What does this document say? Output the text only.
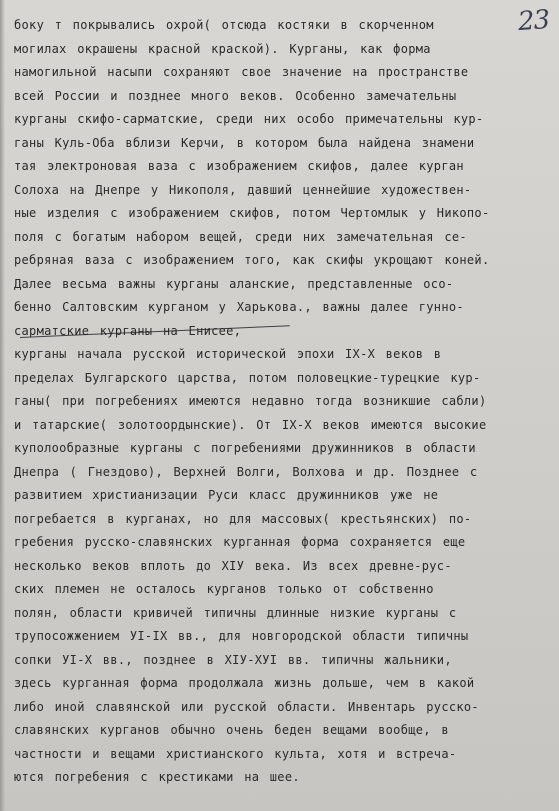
23
боку т покрывались охрой( отсюда костяки в скорченном
могилах окрашены красной краской). Курганы, как форма
намогильной насыпи сохраняют свое значение на пространстве
всей России и позднее много веков. Особенно замечательны
курганы скифо-сарматские, среди них особо примечательны кур-
ганы Куль-Оба вблизи Керчи, в котором была найдена знамени
тая электроновая ваза с изображением скифов, далее курган
Солоха на Днепре у Никополя, давший ценнейшие художествен-
ные изделия с изображением скифов, потом Чертомлык у Никопо-
поля с богатым набором вещей, среди них замечательная се-
ребряная ваза с изображением того, как скифы укрощают коней.
Далее весьма важны курганы аланские, представленные осо-
бенно Салтовским курганом у Харькова., важны далее гунно-
сарматские курганы на Енисее,
курганы начала русской исторической эпохи IX-X веков в
пределах Булгарского царства, потом половецкие-турецкие кур-
ганы( при погребениях имеются недавно тогда возникшие сабли)
и татарские( золотоордынские). От IX-X веков имеются высокие
куполообразные курганы с погребениями дружинников в области
Днепра ( Гнездово), Верхней Волги, Волхова и др. Позднее с
развитием христианизации Руси класс дружинников уже не
погребается в курганах, но для массовых( крестьянских) по-
гребения русско-славянских курганная форма сохраняется еще
несколько веков вплоть до XIУ века. Из всех древне-рус-
ских племен не осталось курганов только от собственно
полян, области кривичей типичны длинные низкие курганы с
трупосожжением УI-IX вв., для новгородской области типичны
сопки УI-X вв., позднее в XIУ-XУI вв. типичны жальники,
здесь курганная форма продолжала жизнь дольше, чем в какой
либо иной славянской или русской области. Инвентарь русско-
славянских курганов обычно очень беден вещами вообще, в
частности и вещами христианского культа, хотя и встреча-
ются погребения с крестиками на шее.
